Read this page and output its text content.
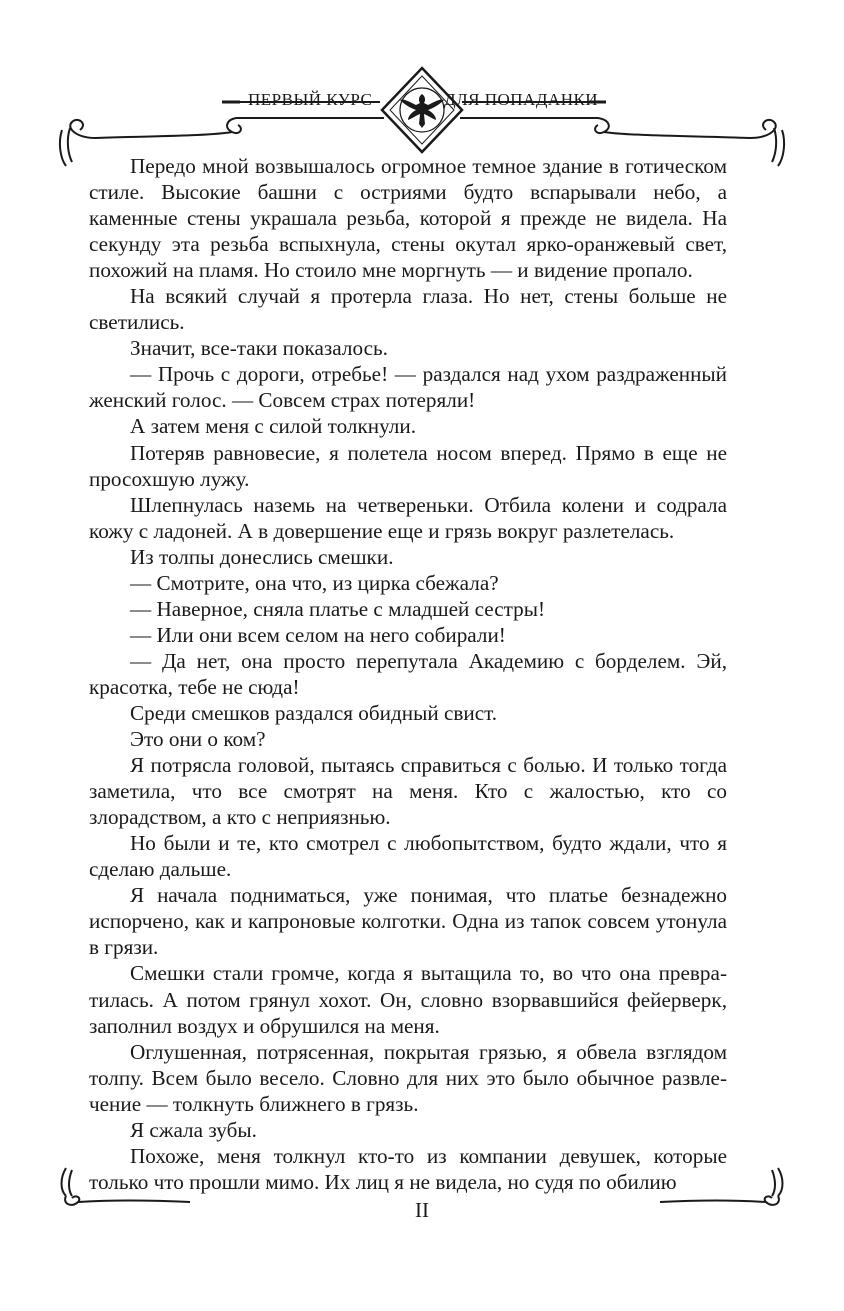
ПЕРВЫЙ КУРС	ДЛЯ ПОПАДАНКИ

Передо мной возвышалось огромное темное здание в готическом стиле. Высокие башни с остриями будто вспарывали небо, а каменные стены украшала резьба, которой я прежде не видела. На секунду эта резьба вспыхнула, стены окутал ярко-оранжевый свет, похожий на пламя. Но стоило мне моргнуть — и видение пропало.

На всякий случай я протерла глаза. Но нет, стены больше не светились.

Значит, все-таки показалось.

— Прочь с дороги, отребье! — раздался над ухом раздраженный женский голос. — Совсем страх потеряли!

А затем меня с силой толкнули.

Потеряв равновесие, я полетела носом вперед. Прямо в еще не просохшую лужу.

Шлепнулась наземь на четвереньки. Отбила колени и содрала кожу с ладоней. А в довершение еще и грязь вокруг разлетелась.

Из толпы донеслись смешки.

— Смотрите, она что, из цирка сбежала?

— Наверное, сняла платье с младшей сестры!

— Или они всем селом на него собирали!

— Да нет, она просто перепутала Академию с борделем. Эй, красотка, тебе не сюда!

Среди смешков раздался обидный свист.

Это они о ком?

Я потрясла головой, пытаясь справиться с болью. И только тогда заметила, что все смотрят на меня. Кто с жалостью, кто со злорадством, а кто с неприязнью.

Но были и те, кто смотрел с любопытством, будто ждали, что я сделаю дальше.

Я начала подниматься, уже понимая, что платье безнадежно испорчено, как и капроновые колготки. Одна из тапок совсем утонула в грязи.

Смешки стали громче, когда я вытащила то, во что она превратилась. А потом грянул хохот. Он, словно взорвавшийся фейерверк, заполнил воздух и обрушился на меня.

Оглушенная, потрясенная, покрытая грязью, я обвела взглядом толпу. Всем было весело. Словно для них это было обычное развлечение — толкнуть ближнего в грязь.

Я сжала зубы.

Похоже, меня толкнул кто-то из компании девушек, которые только что прошли мимо. Их лиц я не видела, но судя по обилию

II
